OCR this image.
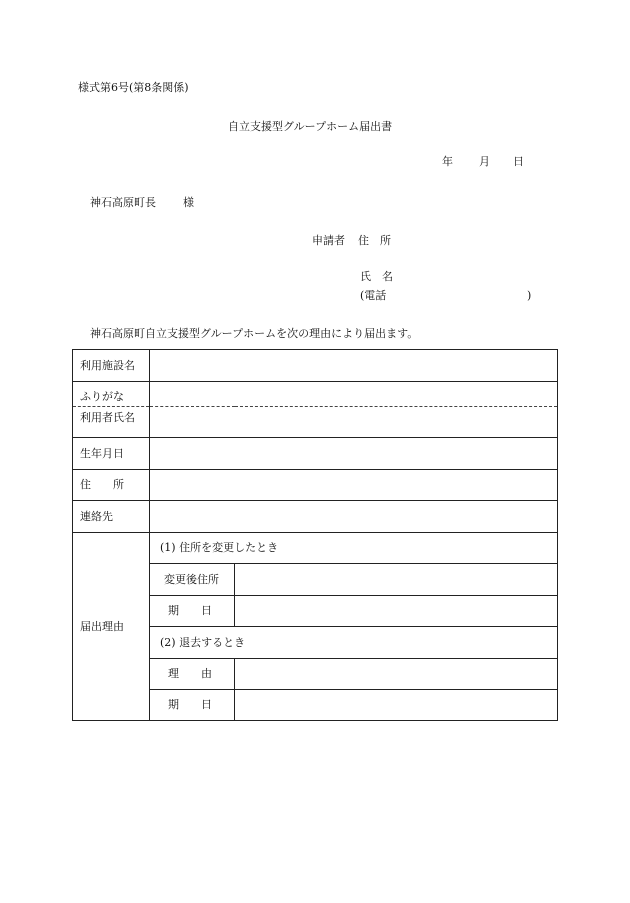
様式第6号(第8条関係)
自立支援型グループホーム届出書
年 月 日
神石高原町長 様
申請者 住　所
氏　名
(電話	)
神石高原町自立支援型グループホームを次の理由により届出ます。
利用施設名		
ふりがな		
利用者氏名		
生年月日		
住　　所		
連絡先		
届出理由	(1) 住所を変更したとき	
	変更後住所	
	期　　日	
	(2) 退去するとき	
	理　　由	
	期　　日	
